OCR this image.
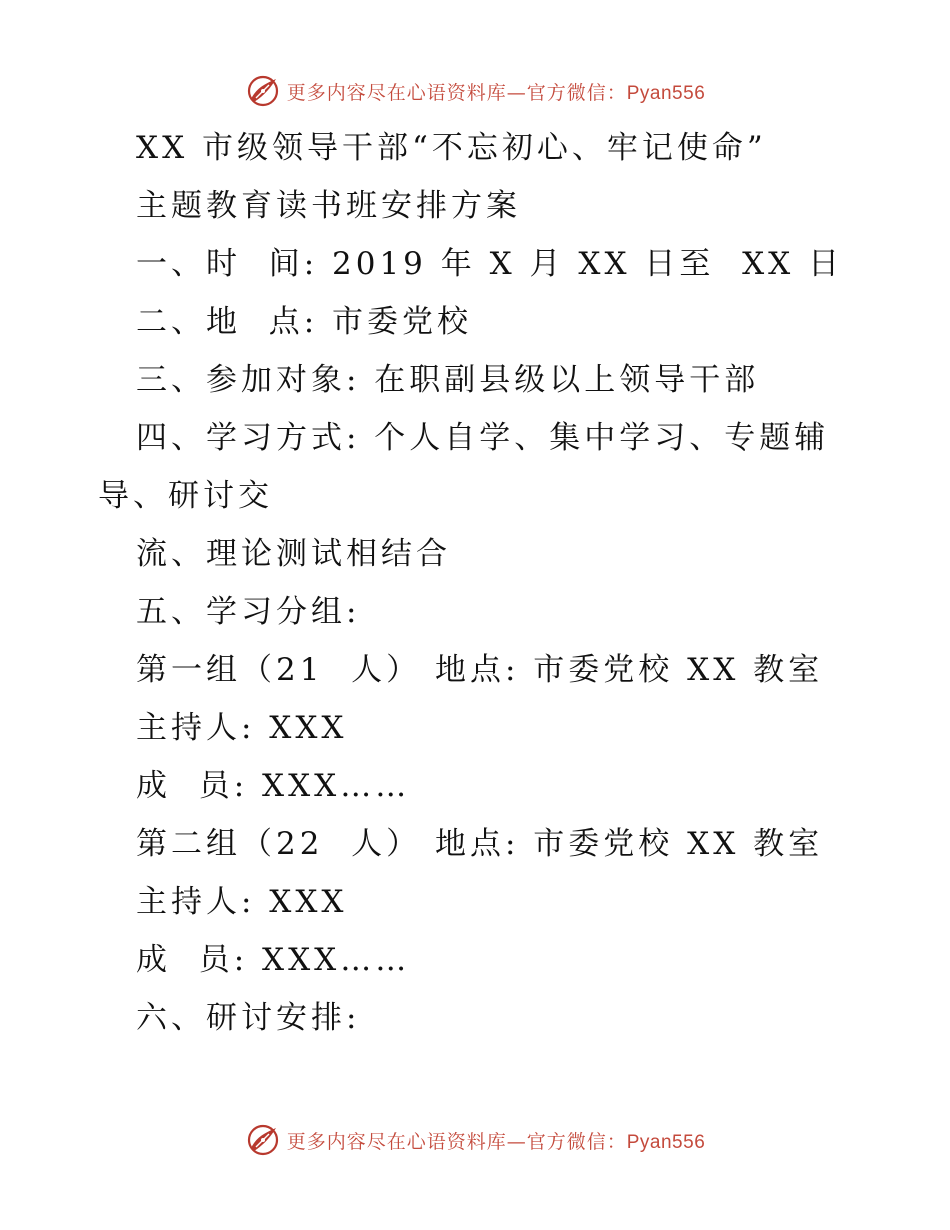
更多内容尽在心语资料库—官方微信：Pyan556
XX 市级领导干部“不忘初心、牢记使命”
主题教育读书班安排方案
一、时  间: 2019 年 X 月 XX 日至  XX 日
二、地  点: 市委党校
三、参加对象: 在职副县级以上领导干部
四、学习方式: 个人自学、集中学习、专题辅
导、研讨交
流、理论测试相结合
五、学习分组:
第一组（21  人） 地点: 市委党校 XX 教室
主持人: XXX
成  员: XXX……
第二组（22  人） 地点: 市委党校 XX 教室
主持人: XXX
成  员: XXX……
六、研讨安排:
更多内容尽在心语资料库—官方微信：Pyan556
